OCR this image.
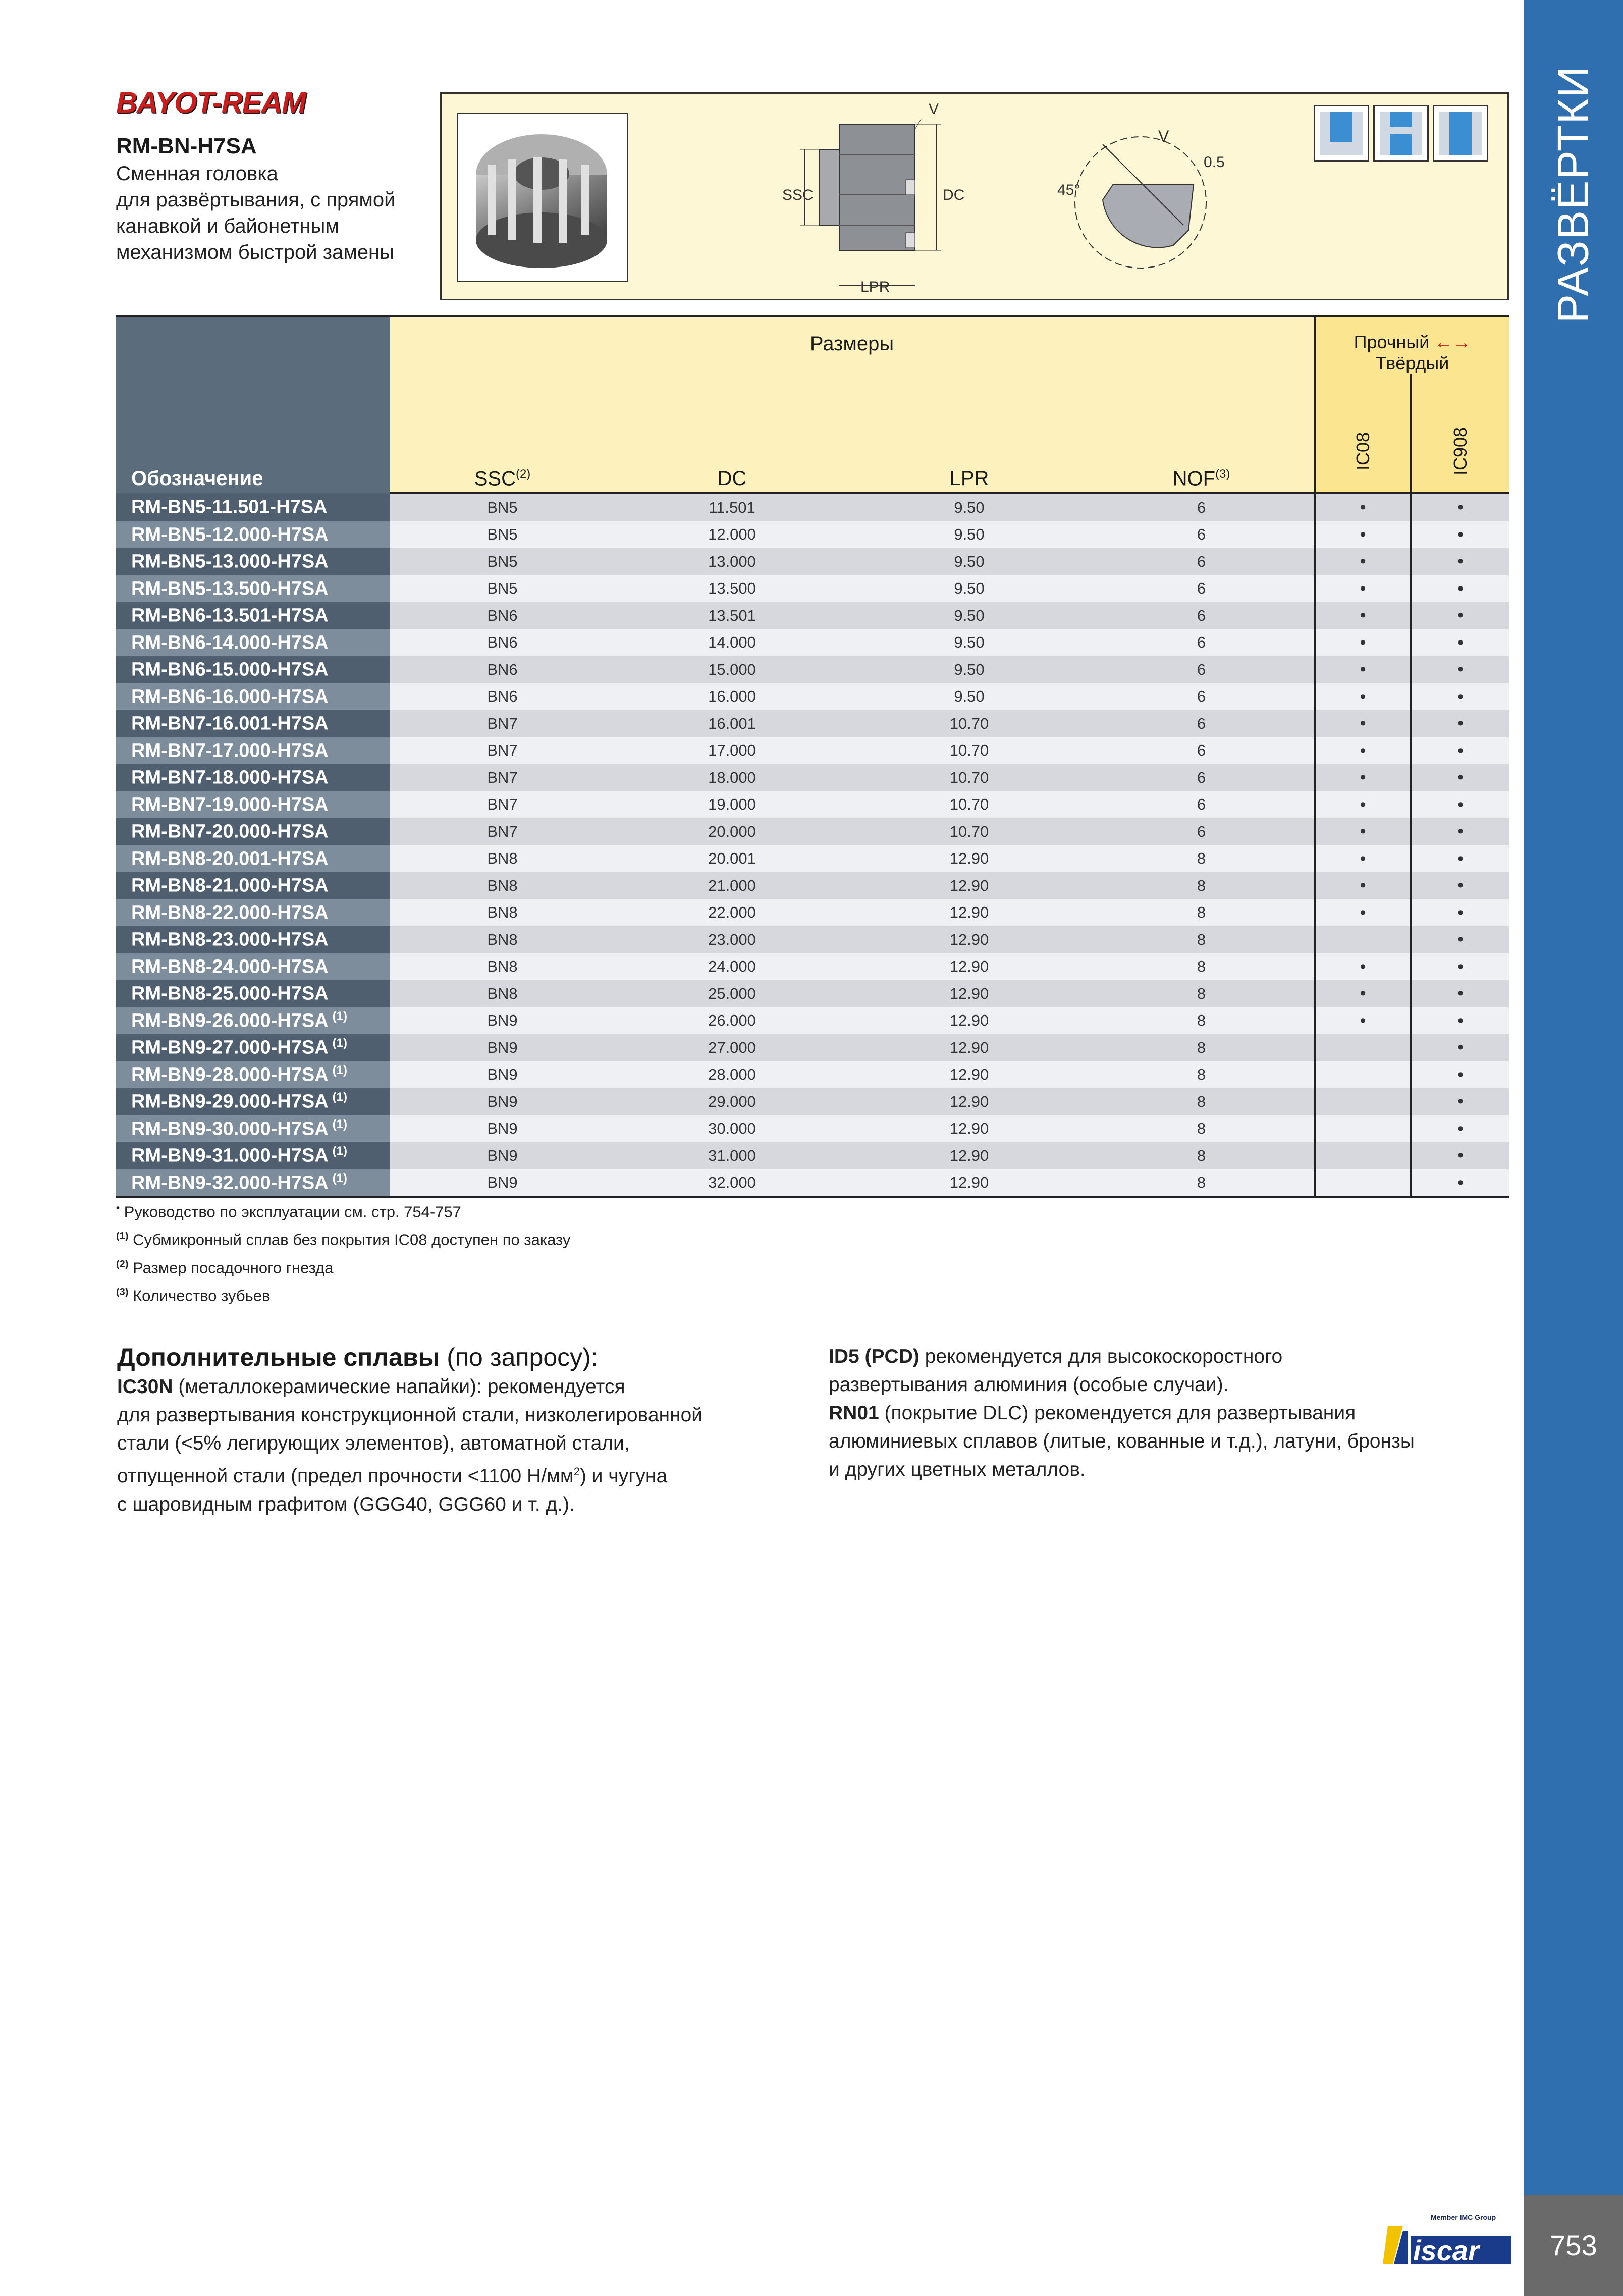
РАЗВЁРТКИ
753
Member IMC Group
iscar
BAYOT-REAM
RM-BN-H7SA
Сменная головка
для развёртывания, с прямой
канавкой и байонетным
механизмом быстрой замены
SSC	DC
LPR
V
V
0.5
45°
Обозначение	Размеры				Прочный ←→ Твёрдый	
	SSC$^{(2)}$	DC	LPR	NOF$^{(3)}$	IC08	IC908

RM-BN5-11.501-H7SA	BN5	11.501	9.50	6	•	•
RM-BN5-12.000-H7SA	BN5	12.000	9.50	6	•	•
RM-BN5-13.000-H7SA	BN5	13.000	9.50	6	•	•
RM-BN5-13.500-H7SA	BN5	13.500	9.50	6	•	•
RM-BN6-13.501-H7SA	BN6	13.501	9.50	6	•	•
RM-BN6-14.000-H7SA	BN6	14.000	9.50	6	•	•
RM-BN6-15.000-H7SA	BN6	15.000	9.50	6	•	•
RM-BN6-16.000-H7SA	BN6	16.000	9.50	6	•	•
RM-BN7-16.001-H7SA	BN7	16.001	10.70	6	•	•
RM-BN7-17.000-H7SA	BN7	17.000	10.70	6	•	•
RM-BN7-18.000-H7SA	BN7	18.000	10.70	6	•	•
RM-BN7-19.000-H7SA	BN7	19.000	10.70	6	•	•
RM-BN7-20.000-H7SA	BN7	20.000	10.70	6	•	•
RM-BN8-20.001-H7SA	BN8	20.001	12.90	8	•	•
RM-BN8-21.000-H7SA	BN8	21.000	12.90	8	•	•
RM-BN8-22.000-H7SA	BN8	22.000	12.90	8	•	•
RM-BN8-23.000-H7SA	BN8	23.000	12.90	8		•
RM-BN8-24.000-H7SA	BN8	24.000	12.90	8	•	•
RM-BN8-25.000-H7SA	BN8	25.000	12.90	8	•	•
RM-BN9-26.000-H7SA $^{(1)}$	BN9	26.000	12.90	8	•	•
RM-BN9-27.000-H7SA $^{(1)}$	BN9	27.000	12.90	8		•
RM-BN9-28.000-H7SA $^{(1)}$	BN9	28.000	12.90	8		•
RM-BN9-29.000-H7SA $^{(1)}$	BN9	29.000	12.90	8		•
RM-BN9-30.000-H7SA $^{(1)}$	BN9	30.000	12.90	8		•
RM-BN9-31.000-H7SA $^{(1)}$	BN9	31.000	12.90	8		•
RM-BN9-32.000-H7SA $^{(1)}$	BN9	32.000	12.90	8		•
• Руководство по эксплуатации см. стр. 754-757
$^{(1)}$ Субмикронный сплав без покрытия IC08 доступен по заказу
$^{(2)}$ Размер посадочного гнезда
$^{(3)}$ Количество зубьев
Дополнительные сплавы (по запросу):
IC30N (металлокерамические напайки): рекомендуется
для развертывания конструкционной стали, низколегированной
стали (<5% легирующих элементов), автоматной стали,
отпущенной стали (предел прочности <1100 $Н/мм^2$) и чугуна
с шаровидным графитом (GGG40, GGG60 и т. д.).
ID5 (PCD) рекомендуется для высокоскоростного
развертывания алюминия (особые случаи).
RN01 (покрытие DLC) рекомендуется для развертывания
алюминиевых сплавов (литые, кованные и т.д.), латуни, бронзы
и других цветных металлов.
